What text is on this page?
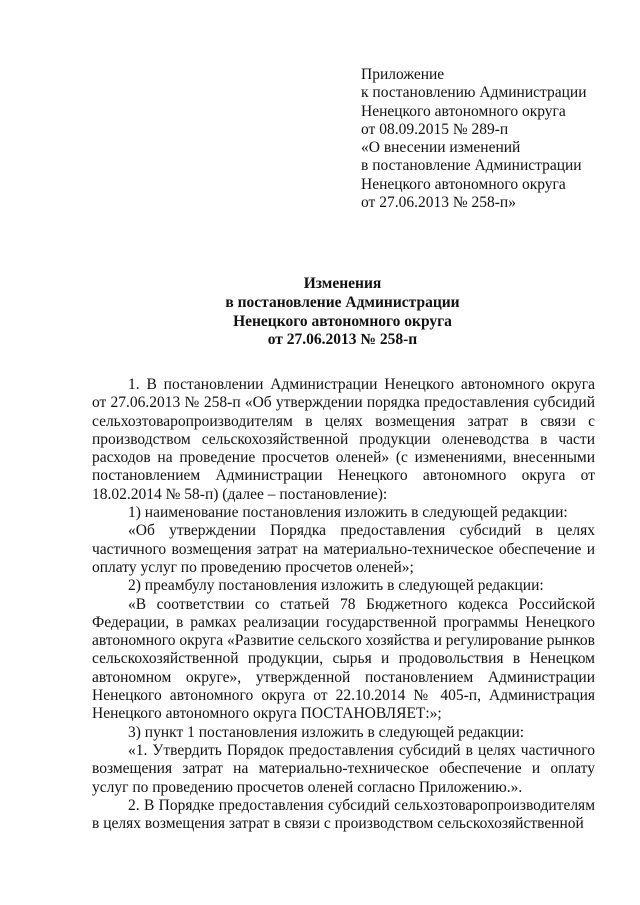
Приложение
к постановлению Администрации
Ненецкого автономного округа
от 08.09.2015 № 289-п
«О внесении изменений
в постановление Администрации
Ненецкого автономного округа
от 27.06.2013 № 258-п»
Изменения
в постановление Администрации
Ненецкого автономного округа
от 27.06.2013 № 258-п

1. В постановлении Администрации Ненецкого автономного округа от 27.06.2013 № 258-п «Об утверждении порядка предоставления субсидий сельхозтоваропроизводителям в целях возмещения затрат в связи с производством сельскохозяйственной продукции оленеводства в части расходов на проведение просчетов оленей» (с изменениями, внесенными постановлением Администрации Ненецкого автономного округа от 18.02.2014 № 58-п) (далее – постановление):

1) наименование постановления изложить в следующей редакции:

«Об утверждении Порядка предоставления субсидий в целях частичного возмещения затрат на материально-техническое обеспечение и оплату услуг по проведению просчетов оленей»;

2) преамбулу постановления изложить в следующей редакции:

«В соответствии со статьей 78 Бюджетного кодекса Российской Федерации, в рамках реализации государственной программы Ненецкого автономного округа «Развитие сельского хозяйства и регулирование рынков сельскохозяйственной продукции, сырья и продовольствия в Ненецком автономном округе», утвержденной постановлением Администрации Ненецкого автономного округа от 22.10.2014 № 405-п, Администрация Ненецкого автономного округа ПОСТАНОВЛЯЕТ:»;

3) пункт 1 постановления изложить в следующей редакции:

«1. Утвердить Порядок предоставления субсидий в целях частичного возмещения затрат на материально-техническое обеспечение и оплату услуг по проведению просчетов оленей согласно Приложению.».

2. В Порядке предоставления субсидий сельхозтоваропроизводителям в целях возмещения затрат в связи с производством сельскохозяйственной
